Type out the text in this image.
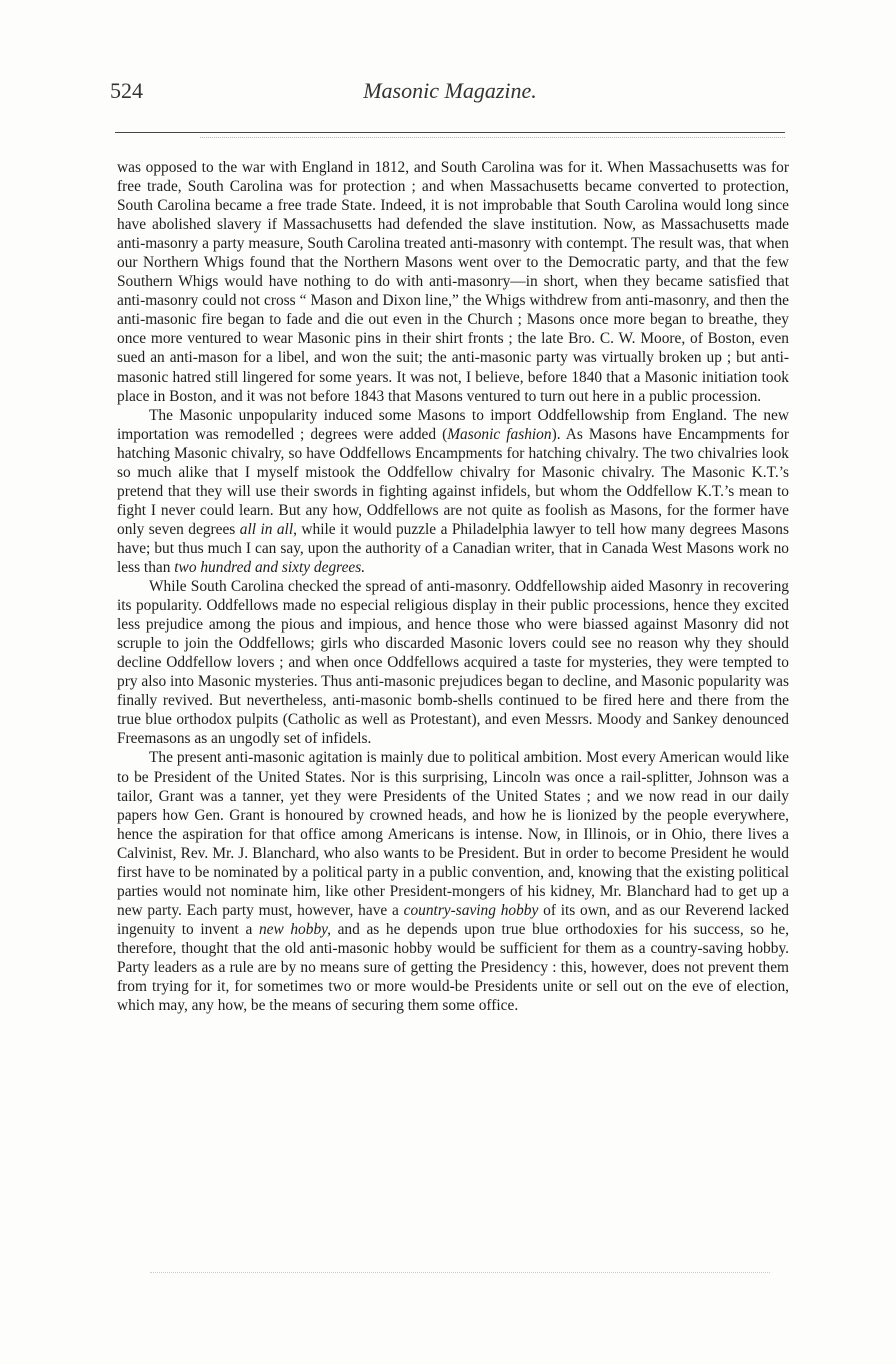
524	Masonic Magazine.

was opposed to the war with England in 1812, and South Carolina was for it. When Massachusetts was for free trade, South Carolina was for protection ; and when Massachusetts became converted to protection, South Carolina became a free trade State. Indeed, it is not improbable that South Carolina would long since have abolished slavery if Massachusetts had defended the slave institution. Now, as Massachusetts made anti-masonry a party measure, South Carolina treated anti-masonry with contempt. The result was, that when our Northern Whigs found that the Northern Masons went over to the Democratic party, and that the few Southern Whigs would have nothing to do with anti-masonry—in short, when they became satisfied that anti-masonry could not cross “ Mason and Dixon line,” the Whigs withdrew from anti-masonry, and then the anti-masonic fire began to fade and die out even in the Church ; Masons once more began to breathe, they once more ventured to wear Masonic pins in their shirt fronts ; the late Bro. C. W. Moore, of Boston, even sued an anti-mason for a libel, and won the suit; the anti-masonic party was virtually broken up ; but anti-masonic hatred still lingered for some years. It was not, I believe, before 1840 that a Masonic initiation took place in Boston, and it was not before 1843 that Masons ventured to turn out here in a public procession.

The Masonic unpopularity induced some Masons to import Oddfellowship from England. The new importation was remodelled ; degrees were added (Masonic fashion). As Masons have Encampments for hatching Masonic chivalry, so have Oddfellows Encampments for hatching chivalry. The two chivalries look so much alike that I myself mistook the Oddfellow chivalry for Masonic chivalry. The Masonic K.T.’s pretend that they will use their swords in fighting against infidels, but whom the Oddfellow K.T.’s mean to fight I never could learn. But any how, Oddfellows are not quite as foolish as Masons, for the former have only seven degrees all in all, while it would puzzle a Philadelphia lawyer to tell how many degrees Masons have; but thus much I can say, upon the authority of a Canadian writer, that in Canada West Masons work no less than two hundred and sixty degrees.

While South Carolina checked the spread of anti-masonry. Oddfellowship aided Masonry in recovering its popularity. Oddfellows made no especial religious display in their public processions, hence they excited less prejudice among the pious and impious, and hence those who were biassed against Masonry did not scruple to join the Oddfellows; girls who discarded Masonic lovers could see no reason why they should decline Oddfellow lovers ; and when once Oddfellows acquired a taste for mysteries, they were tempted to pry also into Masonic mysteries. Thus anti-masonic prejudices began to decline, and Masonic popularity was finally revived. But nevertheless, anti-masonic bomb-shells continued to be fired here and there from the true blue orthodox pulpits (Catholic as well as Protestant), and even Messrs. Moody and Sankey denounced Freemasons as an ungodly set of infidels.

The present anti-masonic agitation is mainly due to political ambition. Most every American would like to be President of the United States. Nor is this surprising, Lincoln was once a rail-splitter, Johnson was a tailor, Grant was a tanner, yet they were Presidents of the United States ; and we now read in our daily papers how Gen. Grant is honoured by crowned heads, and how he is lionized by the people everywhere, hence the aspiration for that office among Americans is intense. Now, in Illinois, or in Ohio, there lives a Calvinist, Rev. Mr. J. Blanchard, who also wants to be President. But in order to become President he would first have to be nominated by a political party in a public convention, and, knowing that the existing political parties would not nominate him, like other President-mongers of his kidney, Mr. Blanchard had to get up a new party. Each party must, however, have a country-saving hobby of its own, and as our Reverend lacked ingenuity to invent a new hobby, and as he depends upon true blue orthodoxies for his success, so he, therefore, thought that the old anti-masonic hobby would be sufficient for them as a country-saving hobby. Party leaders as a rule are by no means sure of getting the Presidency : this, however, does not prevent them from trying for it, for sometimes two or more would-be Presidents unite or sell out on the eve of election, which may, any how, be the means of securing them some office.
